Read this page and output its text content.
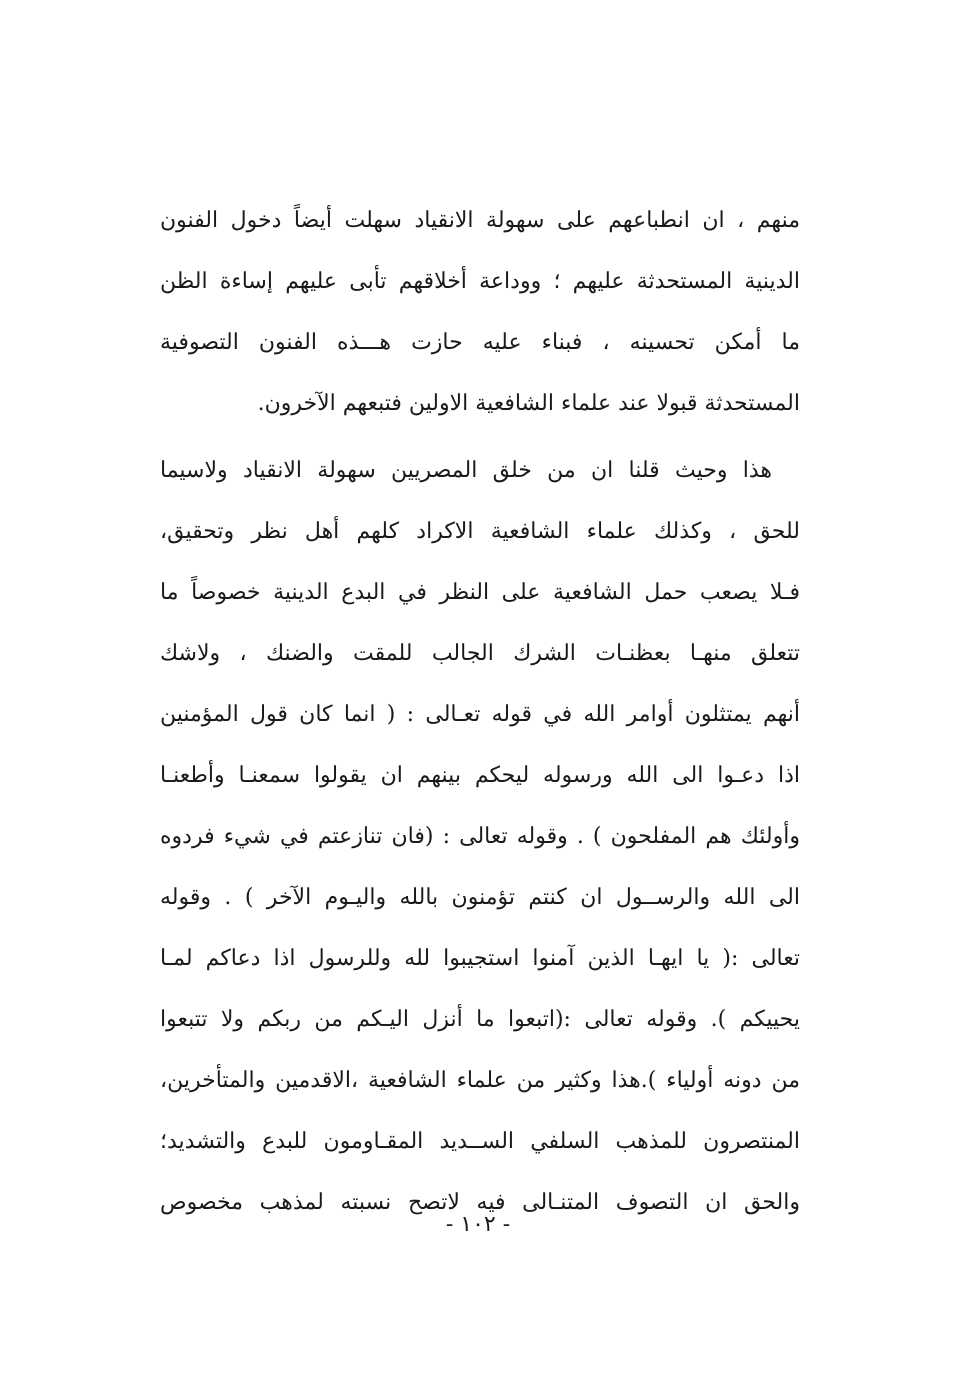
منهم ، ان انطباعهم على سهولة الانقياد سهلت أيضاً دخول الفنون
الدينية المستحدثة عليهم ؛ ووداعة أخلاقهم تأبى عليهم إساءة الظن
ما أمكن تحسينه ، فبناء عليه حازت هـــذه الفنون التصوفية
المستحدثة قبولا عند علماء الشافعية الاولين فتبعهم الآخرون.
هذا وحيث قلنا ان من خلق المصريين سهولة الانقياد ولاسيما
للحق ، وكذلك علماء الشافعية الاكراد كلهم أهل نظر وتحقيق،
فـلا يصعب حمل الشافعية على النظر في البدع الدينية خصوصاً ما
تتعلق منهـا بعظنـات الشرك الجالب للمقت والضنك ، ولاشك
أنهم يمتثلون أوامر الله في قوله تعـالى : ( انما كان قول المؤمنين
اذا دعـوا الى الله ورسوله ليحكم بينهم ان يقولوا سمعنـا وأطعنـا
وأولئك هم المفلحون ) . وقوله تعالى : (فان تنازعتم في شيء فردوه
الى الله والرســول ان كنتم تؤمنون بالله واليـوم الآخر ) . وقوله
تعالى :( يا ايهـا الذين آمنوا استجيبوا لله وللرسول اذا دعاكم لمـا
يحييكم ). وقوله تعالى :(اتبعوا ما أنزل اليـكم من ربكم ولا تتبعوا
من دونه أولياء ).هذا وكثير من علماء الشافعية ،الاقدمين والمتأخرين،
المنتصرون للمذهب السلفي الســديد المقـاومون للبدع والتشديد؛
والحق ان التصوف المتنـالى فيه لاتصح نسبته لمذهب مخصوص
- ١٠٢ -
